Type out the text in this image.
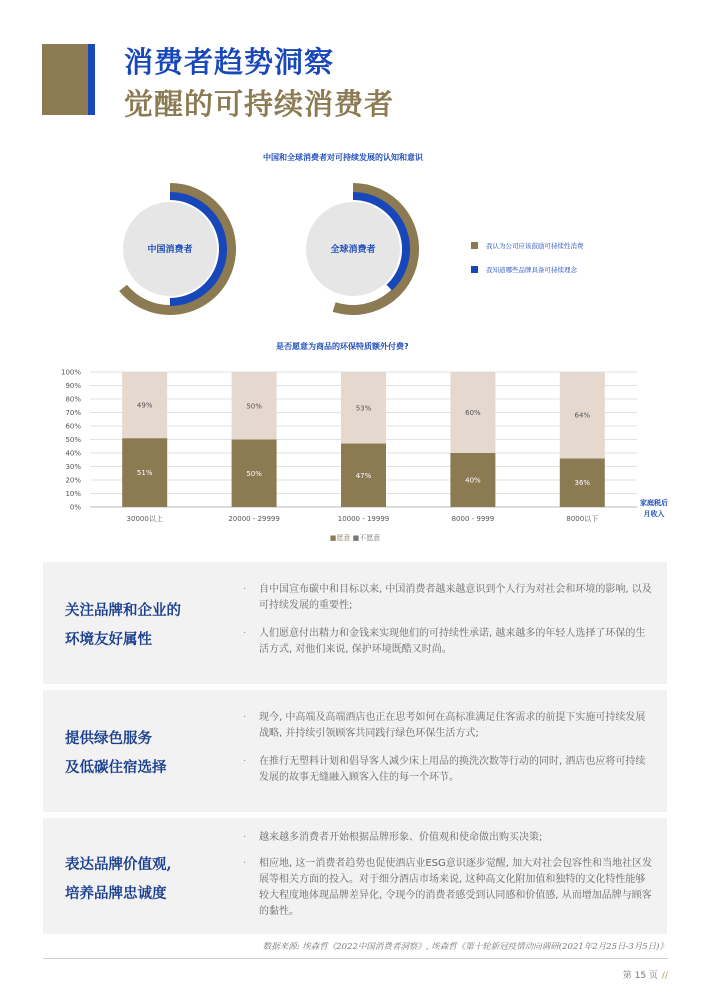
消费者趋势洞察
觉醒的可持续消费者
中国和全球消费者对可持续发展的认知和意识
中国消费者	全球消费者	我认为公司应该鼓励可持续性消费
我知道哪些品牌具备可持续理念
是否愿意为商品的环保特质额外付费?
0%
10%
20%
30%
40%
50%
60%
70%
80%
90%
100%
51%
49%
30000以上
50%
50%
20000 - 29999
47%
53%
10000 - 19999
40%
60%
8000 - 9999
36%
64%
8000以下
家庭税后
月收入
■愿意 ■不愿意
关注品牌和企业的
环境友好属性
· 自中国宣布碳中和目标以来, 中国消费者越来越意识到个人行为对社会和环境的影响, 以及可持续发展的重要性;
· 人们愿意付出精力和金钱来实现他们的可持续性承诺, 越来越多的年轻人选择了环保的生活方式, 对他们来说, 保护环境既酷又时尚。
提供绿色服务
及低碳住宿选择
· 现今, 中高端及高端酒店也正在思考如何在高标准满足住客需求的前提下实施可持续发展战略, 并持续引领顾客共同践行绿色环保生活方式;
· 在推行无塑料计划和倡导客人减少床上用品的换洗次数等行动的同时, 酒店也应将可持续发展的故事无缝融入顾客入住的每一个环节。
表达品牌价值观,
培养品牌忠诚度
· 越来越多消费者开始根据品牌形象、价值观和使命做出购买决策;
· 相应地, 这一消费者趋势也促使酒店业ESG意识逐步觉醒, 加大对社会包容性和当地社区发展等相关方面的投入。对于细分酒店市场来说, 这种高文化附加值和独特的文化特性能够较大程度地体现品牌差异化, 令现今的消费者感受到认同感和价值感, 从而增加品牌与顾客的黏性。
数据来源: 埃森哲《2022中国消费者洞察》, 埃森哲《第十轮新冠疫情动向调研(2021年2月25日-3月5日)》
第 15 页 //
